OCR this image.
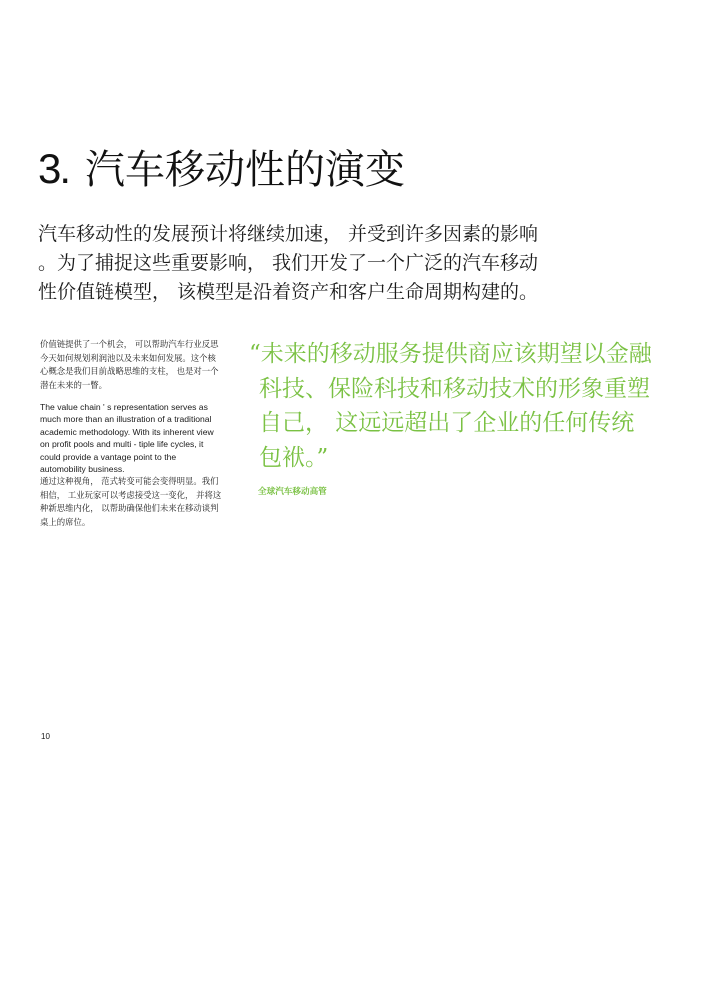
3. 汽车移动性的演变

汽车移动性的发展预计将继续加速， 并受到许多因素的影响
。为了捕捉这些重要影响， 我们开发了一个广泛的汽车移动
性价值链模型， 该模型是沿着资产和客户生命周期构建的。

价值链提供了一个机会， 可以帮助汽车行业反思
今天如何规划利润池以及未来如何发展。这个核
心概念是我们目前战略思维的支柱， 也是对一个
潜在未来的一瞥。
The value chain ' s representation serves as
much more than an illustration of a traditional
academic methodology. With its inherent view
on profit pools and multi - tiple life cycles, it
could provide a vantage point to the
automobility business.
通过这种视角， 范式转变可能会变得明显。我们
相信， 工业玩家可以考虑接受这一变化， 并将这
种新思维内化， 以帮助确保他们未来在移动谈判
桌上的席位。
“未来的移动服务提供商应该期望以金融
科技、保险科技和移动技术的形象重塑
自己， 这远远超出了企业的任何传统
包袱。”
全球汽车移动高管
10
